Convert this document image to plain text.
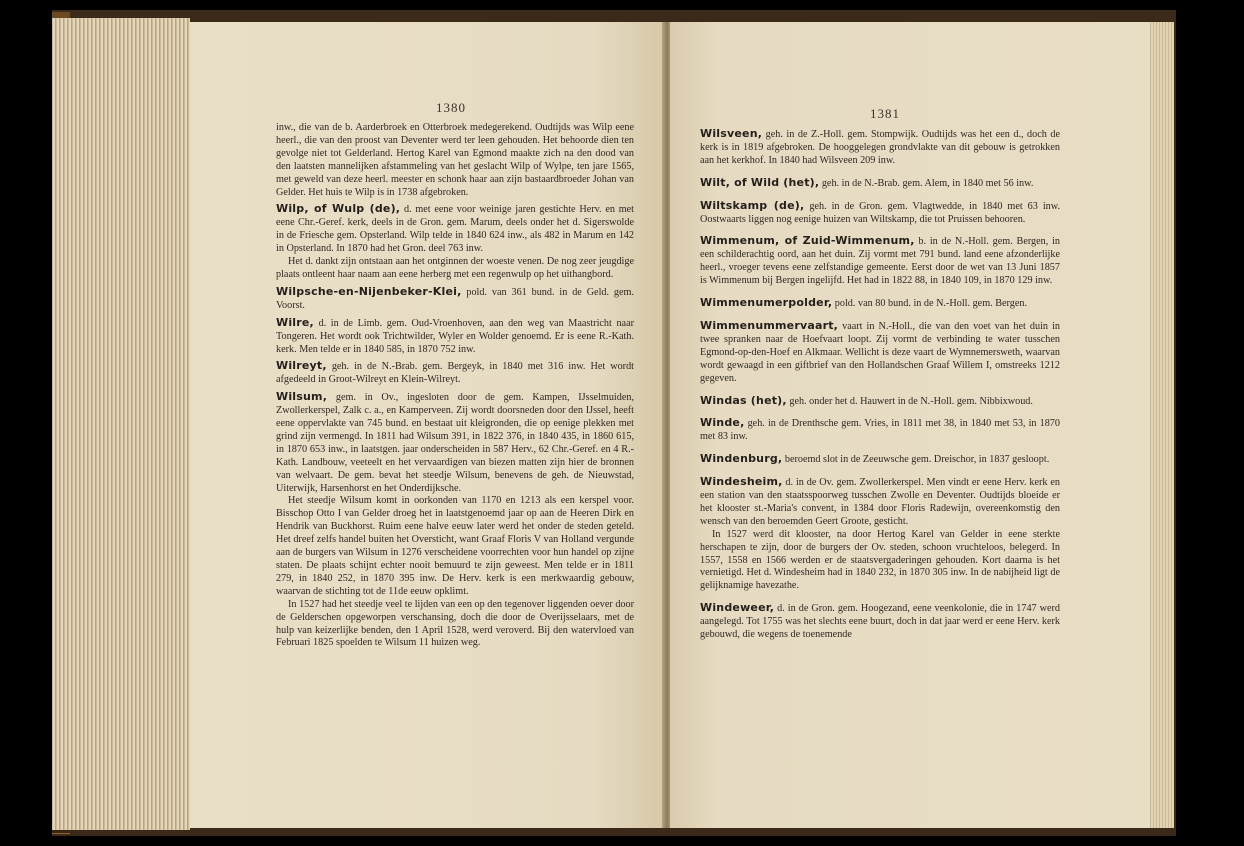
1380

inw., die van de b. Aarderbroek en Otterbroek medegerekend. Oudtijds was Wilp eene heerl., die van den proost van Deventer werd ter leen gehouden. Het behoorde dien ten gevolge niet tot Gelderland. Hertog Karel van Egmond maakte zich na den dood van den laatsten mannelijken afstammeling van het geslacht Wilp of Wylpe, ten jare 1565, met geweld van deze heerl. meester en schonk haar aan zijn bastaardbroeder Johan van Gelder. Het huis te Wilp is in 1738 afgebroken.

Wilp, of Wulp (de), d. met eene voor weinige jaren gestichte Herv. en met eene Chr.-Geref. kerk, deels in de Gron. gem. Marum, deels onder het d. Sigerswolde in de Friesche gem. Opsterland. Wilp telde in 1840 624 inw., als 482 in Marum en 142 in Opsterland. In 1870 had het Gron. deel 763 inw.

Het d. dankt zijn ontstaan aan het ontginnen der woeste venen. De nog zeer jeugdige plaats ontleent haar naam aan eene herberg met een regenwulp op het uithangbord.

Wilpsche-en-Nijenbeker-Klei, pold. van 361 bund. in de Geld. gem. Voorst.

Wilre, d. in de Limb. gem. Oud-Vroenhoven, aan den weg van Maastricht naar Tongeren. Het wordt ook Trichtwilder, Wyler en Wolder genoemd. Er is eene R.-Kath. kerk. Men telde er in 1840 585, in 1870 752 inw.

Wilreyt, geh. in de N.-Brab. gem. Bergeyk, in 1840 met 316 inw. Het wordt afgedeeld in Groot-Wilreyt en Klein-Wilreyt.

Wilsum, gem. in Ov., ingesloten door de gem. Kampen, IJsselmuiden, Zwollerkerspel, Zalk c. a., en Kamperveen. Zij wordt doorsneden door den IJssel, heeft eene oppervlakte van 745 bund. en bestaat uit kleigronden, die op eenige plekken met grind zijn vermengd. In 1811 had Wilsum 391, in 1822 376, in 1840 435, in 1860 615, in 1870 653 inw., in laatstgen. jaar onderscheiden in 587 Herv., 62 Chr.-Geref. en 4 R.-Kath. Landbouw, veeteelt en het vervaardigen van biezen matten zijn hier de bronnen van welvaart. De gem. bevat het steedje Wilsum, benevens de geh. de Nieuwstad, Uiterwijk, Harsenhorst en het Onderdijksche.

Het steedje Wilsum komt in oorkonden van 1170 en 1213 als een kerspel voor. Bisschop Otto I van Gelder droeg het in laatstgenoemd jaar op aan de Heeren Dirk en Hendrik van Buckhorst. Ruim eene halve eeuw later werd het onder de steden geteld. Het dreef zelfs handel buiten het Oversticht, want Graaf Floris V van Holland vergunde aan de burgers van Wilsum in 1276 verscheidene voorrechten voor hun handel op zijne staten. De plaats schijnt echter nooit bemuurd te zijn geweest. Men telde er in 1811 279, in 1840 252, in 1870 395 inw. De Herv. kerk is een merkwaardig gebouw, waarvan de stichting tot de 11de eeuw opklimt.

In 1527 had het steedje veel te lijden van een op den tegenover liggenden oever door de Gelderschen opgeworpen verschansing, doch die door de Overijsselaars, met de hulp van keizerlijke benden, den 1 April 1528, werd veroverd. Bij den watervloed van Februari 1825 spoelden te Wilsum 11 huizen weg.

1381

Wilsveen, geh. in de Z.-Holl. gem. Stompwijk. Oudtijds was het een d., doch de kerk is in 1819 afgebroken. De hooggelegen grondvlakte van dit gebouw is getrokken aan het kerkhof. In 1840 had Wilsveen 209 inw.

Wilt, of Wild (het), geh. in de N.-Brab. gem. Alem, in 1840 met 56 inw.

Wiltskamp (de), geh. in de Gron. gem. Vlagtwedde, in 1840 met 63 inw. Oostwaarts liggen nog eenige huizen van Wiltskamp, die tot Pruissen behooren.

Wimmenum, of Zuid-Wimmenum, b. in de N.-Holl. gem. Bergen, in een schilderachtig oord, aan het duin. Zij vormt met 791 bund. land eene afzonderlijke heerl., vroeger tevens eene zelfstandige gemeente. Eerst door de wet van 13 Juni 1857 is Wimmenum bij Bergen ingelijfd. Het had in 1822 88, in 1840 109, in 1870 129 inw.

Wimmenumerpolder, pold. van 80 bund. in de N.-Holl. gem. Bergen.

Wimmenummervaart, vaart in N.-Holl., die van den voet van het duin in twee spranken naar de Hoefvaart loopt. Zij vormt de verbinding te water tusschen Egmond-op-den-Hoef en Alkmaar. Wellicht is deze vaart de Wymnemersweth, waarvan wordt gewaagd in een giftbrief van den Hollandschen Graaf Willem I, omstreeks 1212 gegeven.

Windas (het), geh. onder het d. Hauwert in de N.-Holl. gem. Nibbixwoud.

Winde, geh. in de Drenthsche gem. Vries, in 1811 met 38, in 1840 met 53, in 1870 met 83 inw.

Windenburg, beroemd slot in de Zeeuwsche gem. Dreischor, in 1837 gesloopt.

Windesheim, d. in de Ov. gem. Zwollerkerspel. Men vindt er eene Herv. kerk en een station van den staatsspoorweg tusschen Zwolle en Deventer. Oudtijds bloeide er het klooster st.-Maria's convent, in 1384 door Floris Radewijn, overeenkomstig den wensch van den beroemden Geert Groote, gesticht.

In 1527 werd dit klooster, na door Hertog Karel van Gelder in eene sterkte herschapen te zijn, door de burgers der Ov. steden, schoon vruchteloos, belegerd. In 1557, 1558 en 1566 werden er de staatsvergaderingen gehouden. Kort daarna is het vernietigd. Het d. Windesheim had in 1840 232, in 1870 305 inw. In de nabijheid ligt de gelijknamige havezathe.

Windeweer, d. in de Gron. gem. Hoogezand, eene veenkolonie, die in 1747 werd aangelegd. Tot 1755 was het slechts eene buurt, doch in dat jaar werd er eene Herv. kerk gebouwd, die wegens de toenemende
